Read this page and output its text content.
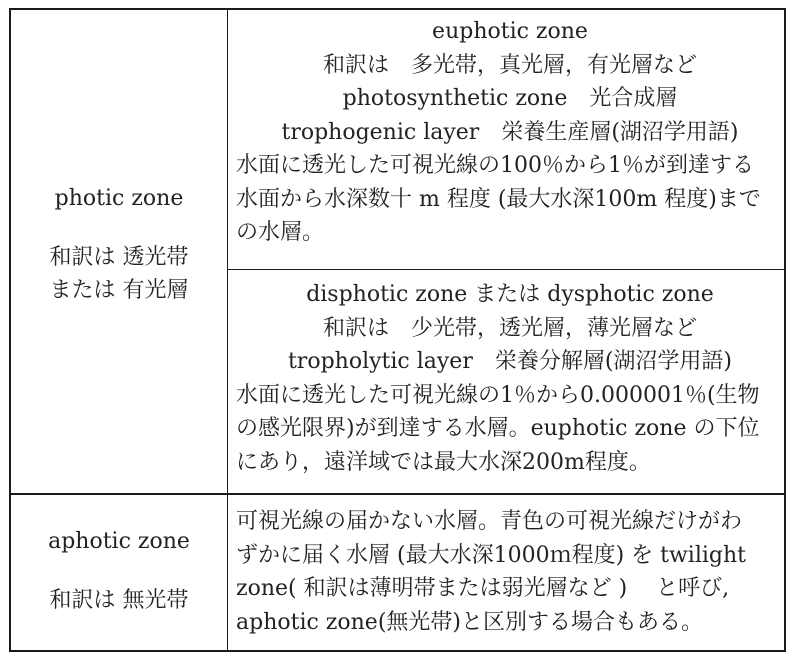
photic zone
和訳は 透光帯
または 有光層
euphotic zone
和訳は　多光帯，真光層，有光層など
photosynthetic zone　光合成層
trophogenic layer　栄養生産層(湖沼学用語)
水面に透光した可視光線の100％から1％が到達する
水面から水深数十 m 程度 (最大水深100m 程度)まで
の水層。
disphotic zone または dysphotic zone
和訳は　少光帯，透光層，薄光層など
tropholytic layer　栄養分解層(湖沼学用語)
水面に透光した可視光線の1％から0.000001％(生物
の感光限界)が到達する水層。euphotic zone の下位
にあり，遠洋域では最大水深200m程度。
aphotic zone
和訳は 無光帯
可視光線の届かない水層。青色の可視光線だけがわ
ずかに届く水層 (最大水深1000ｍ程度) を twilight
zone( 和訳は薄明帯または弱光層など )　 と呼び,
aphotic zone(無光帯)と区別する場合もある。
